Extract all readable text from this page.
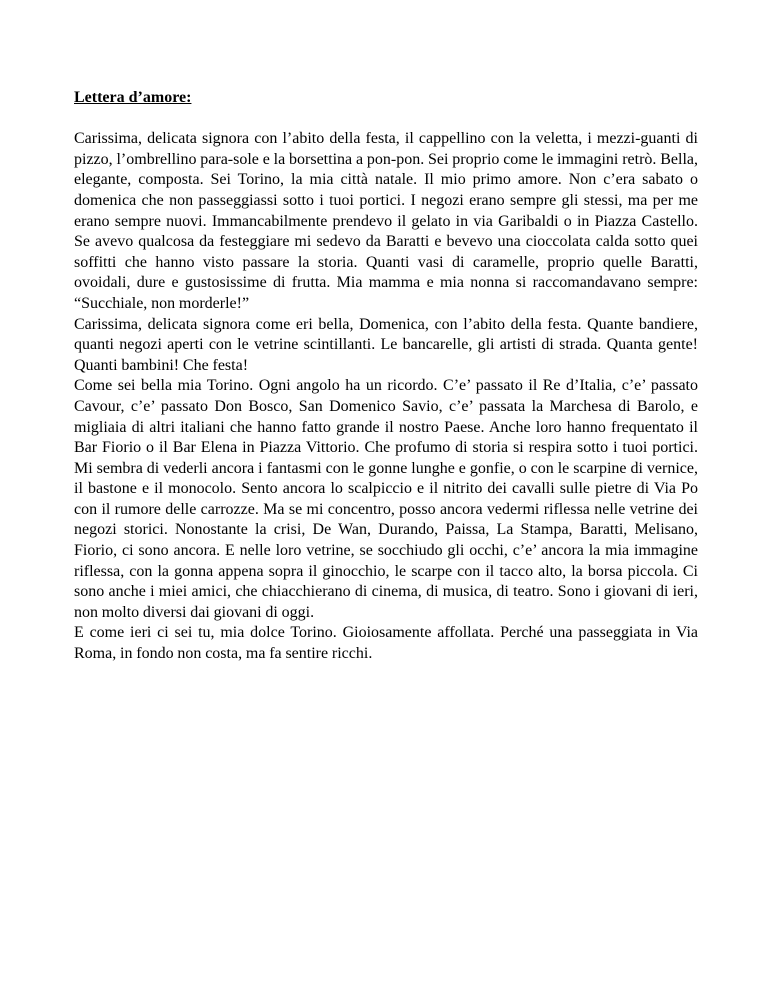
Lettera d’amore:

Carissima, delicata signora con l’abito della festa, il cappellino con la veletta, i mezzi-guanti di pizzo, l’ombrellino para-sole e la borsettina a pon-pon. Sei proprio come le immagini retrò. Bella, elegante, composta. Sei Torino, la mia città natale. Il mio primo amore. Non c’era sabato o domenica che non passeggiassi sotto i tuoi portici. I negozi erano sempre gli stessi, ma per me erano sempre nuovi. Immancabilmente prendevo il gelato in via Garibaldi o in Piazza Castello. Se avevo qualcosa da festeggiare mi sedevo da Baratti e bevevo una cioccolata calda sotto quei soffitti che hanno visto passare la storia. Quanti vasi di caramelle, proprio quelle Baratti, ovoidali, dure e gustosissime di frutta. Mia mamma e mia nonna si raccomandavano sempre: “Succhiale, non morderle!”

Carissima, delicata signora come eri bella, Domenica, con l’abito della festa. Quante bandiere, quanti negozi aperti con le vetrine scintillanti. Le bancarelle, gli artisti di strada. Quanta gente! Quanti bambini! Che festa!

Come sei bella mia Torino. Ogni angolo ha un ricordo. C’e’ passato il Re d’Italia, c’e’ passato Cavour, c’e’ passato Don Bosco, San Domenico Savio, c’e’ passata la Marchesa di Barolo, e migliaia di altri italiani che hanno fatto grande il nostro Paese. Anche loro hanno frequentato il Bar Fiorio o il Bar Elena in Piazza Vittorio. Che profumo di storia si respira sotto i tuoi portici. Mi sembra di vederli ancora i fantasmi con le gonne lunghe e gonfie, o con le scarpine di vernice, il bastone e il monocolo. Sento ancora lo scalpiccio e il nitrito dei cavalli sulle pietre di Via Po con il rumore delle carrozze. Ma se mi concentro, posso ancora vedermi riflessa nelle vetrine dei negozi storici. Nonostante la crisi, De Wan, Durando, Paissa, La Stampa, Baratti, Melisano, Fiorio, ci sono ancora. E nelle loro vetrine, se socchiudo gli occhi, c’e’ ancora la mia immagine riflessa, con la gonna appena sopra il ginocchio, le scarpe con il tacco alto, la borsa piccola. Ci sono anche i miei amici, che chiacchierano di cinema, di musica, di teatro. Sono i giovani di ieri, non molto diversi dai giovani di oggi.

E come ieri ci sei tu, mia dolce Torino. Gioiosamente affollata. Perché una passeggiata in Via Roma, in fondo non costa, ma fa sentire ricchi.
